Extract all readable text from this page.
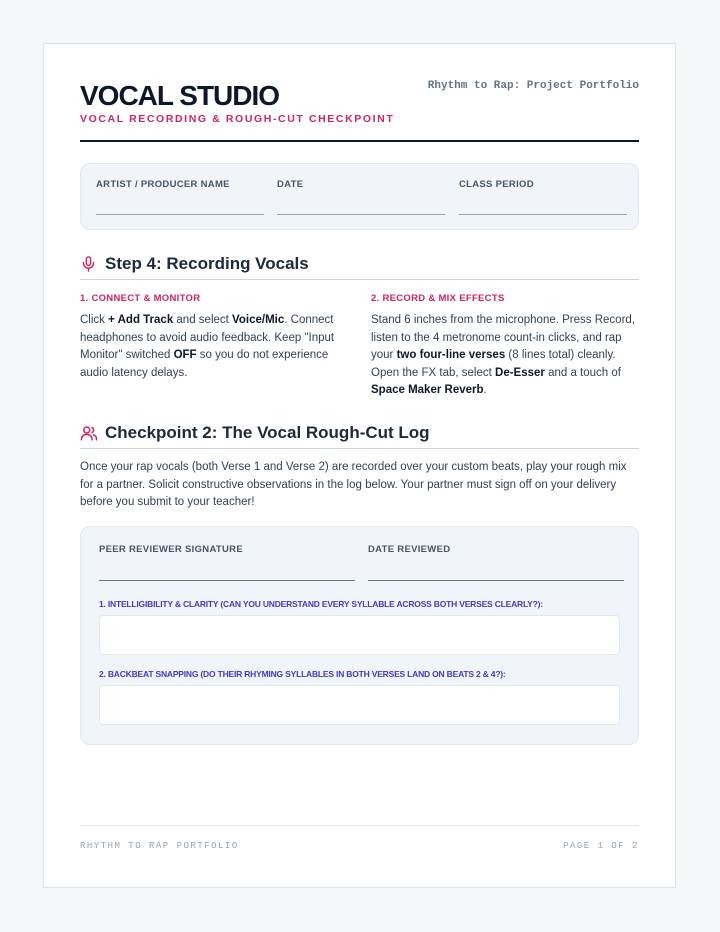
VOCAL STUDIO
VOCAL RECORDING & ROUGH-CUT CHECKPOINT
Rhythm to Rap: Project Portfolio
ARTIST / PRODUCER NAME	DATE	CLASS PERIOD
Step 4: Recording Vocals
1. CONNECT & MONITOR
Click + Add Track and select Voice/Mic. Connect headphones to avoid audio feedback. Keep "Input Monitor" switched OFF so you do not experience audio latency delays.
2. RECORD & MIX EFFECTS
Stand 6 inches from the microphone. Press Record, listen to the 4 metronome count-in clicks, and rap your two four-line verses (8 lines total) cleanly. Open the FX tab, select De-Esser and a touch of Space Maker Reverb.
Checkpoint 2: The Vocal Rough-Cut Log
Once your rap vocals (both Verse 1 and Verse 2) are recorded over your custom beats, play your rough mix for a partner. Solicit constructive observations in the log below. Your partner must sign off on your delivery before you submit to your teacher!
PEER REVIEWER SIGNATURE	DATE REVIEWED
1. INTELLIGIBILITY & CLARITY (CAN YOU UNDERSTAND EVERY SYLLABLE ACROSS BOTH VERSES CLEARLY?):
2. BACKBEAT SNAPPING (DO THEIR RHYMING SYLLABLES IN BOTH VERSES LAND ON BEATS 2 & 4?):
RHYTHM TO RAP PORTFOLIO	PAGE 1 OF 2
